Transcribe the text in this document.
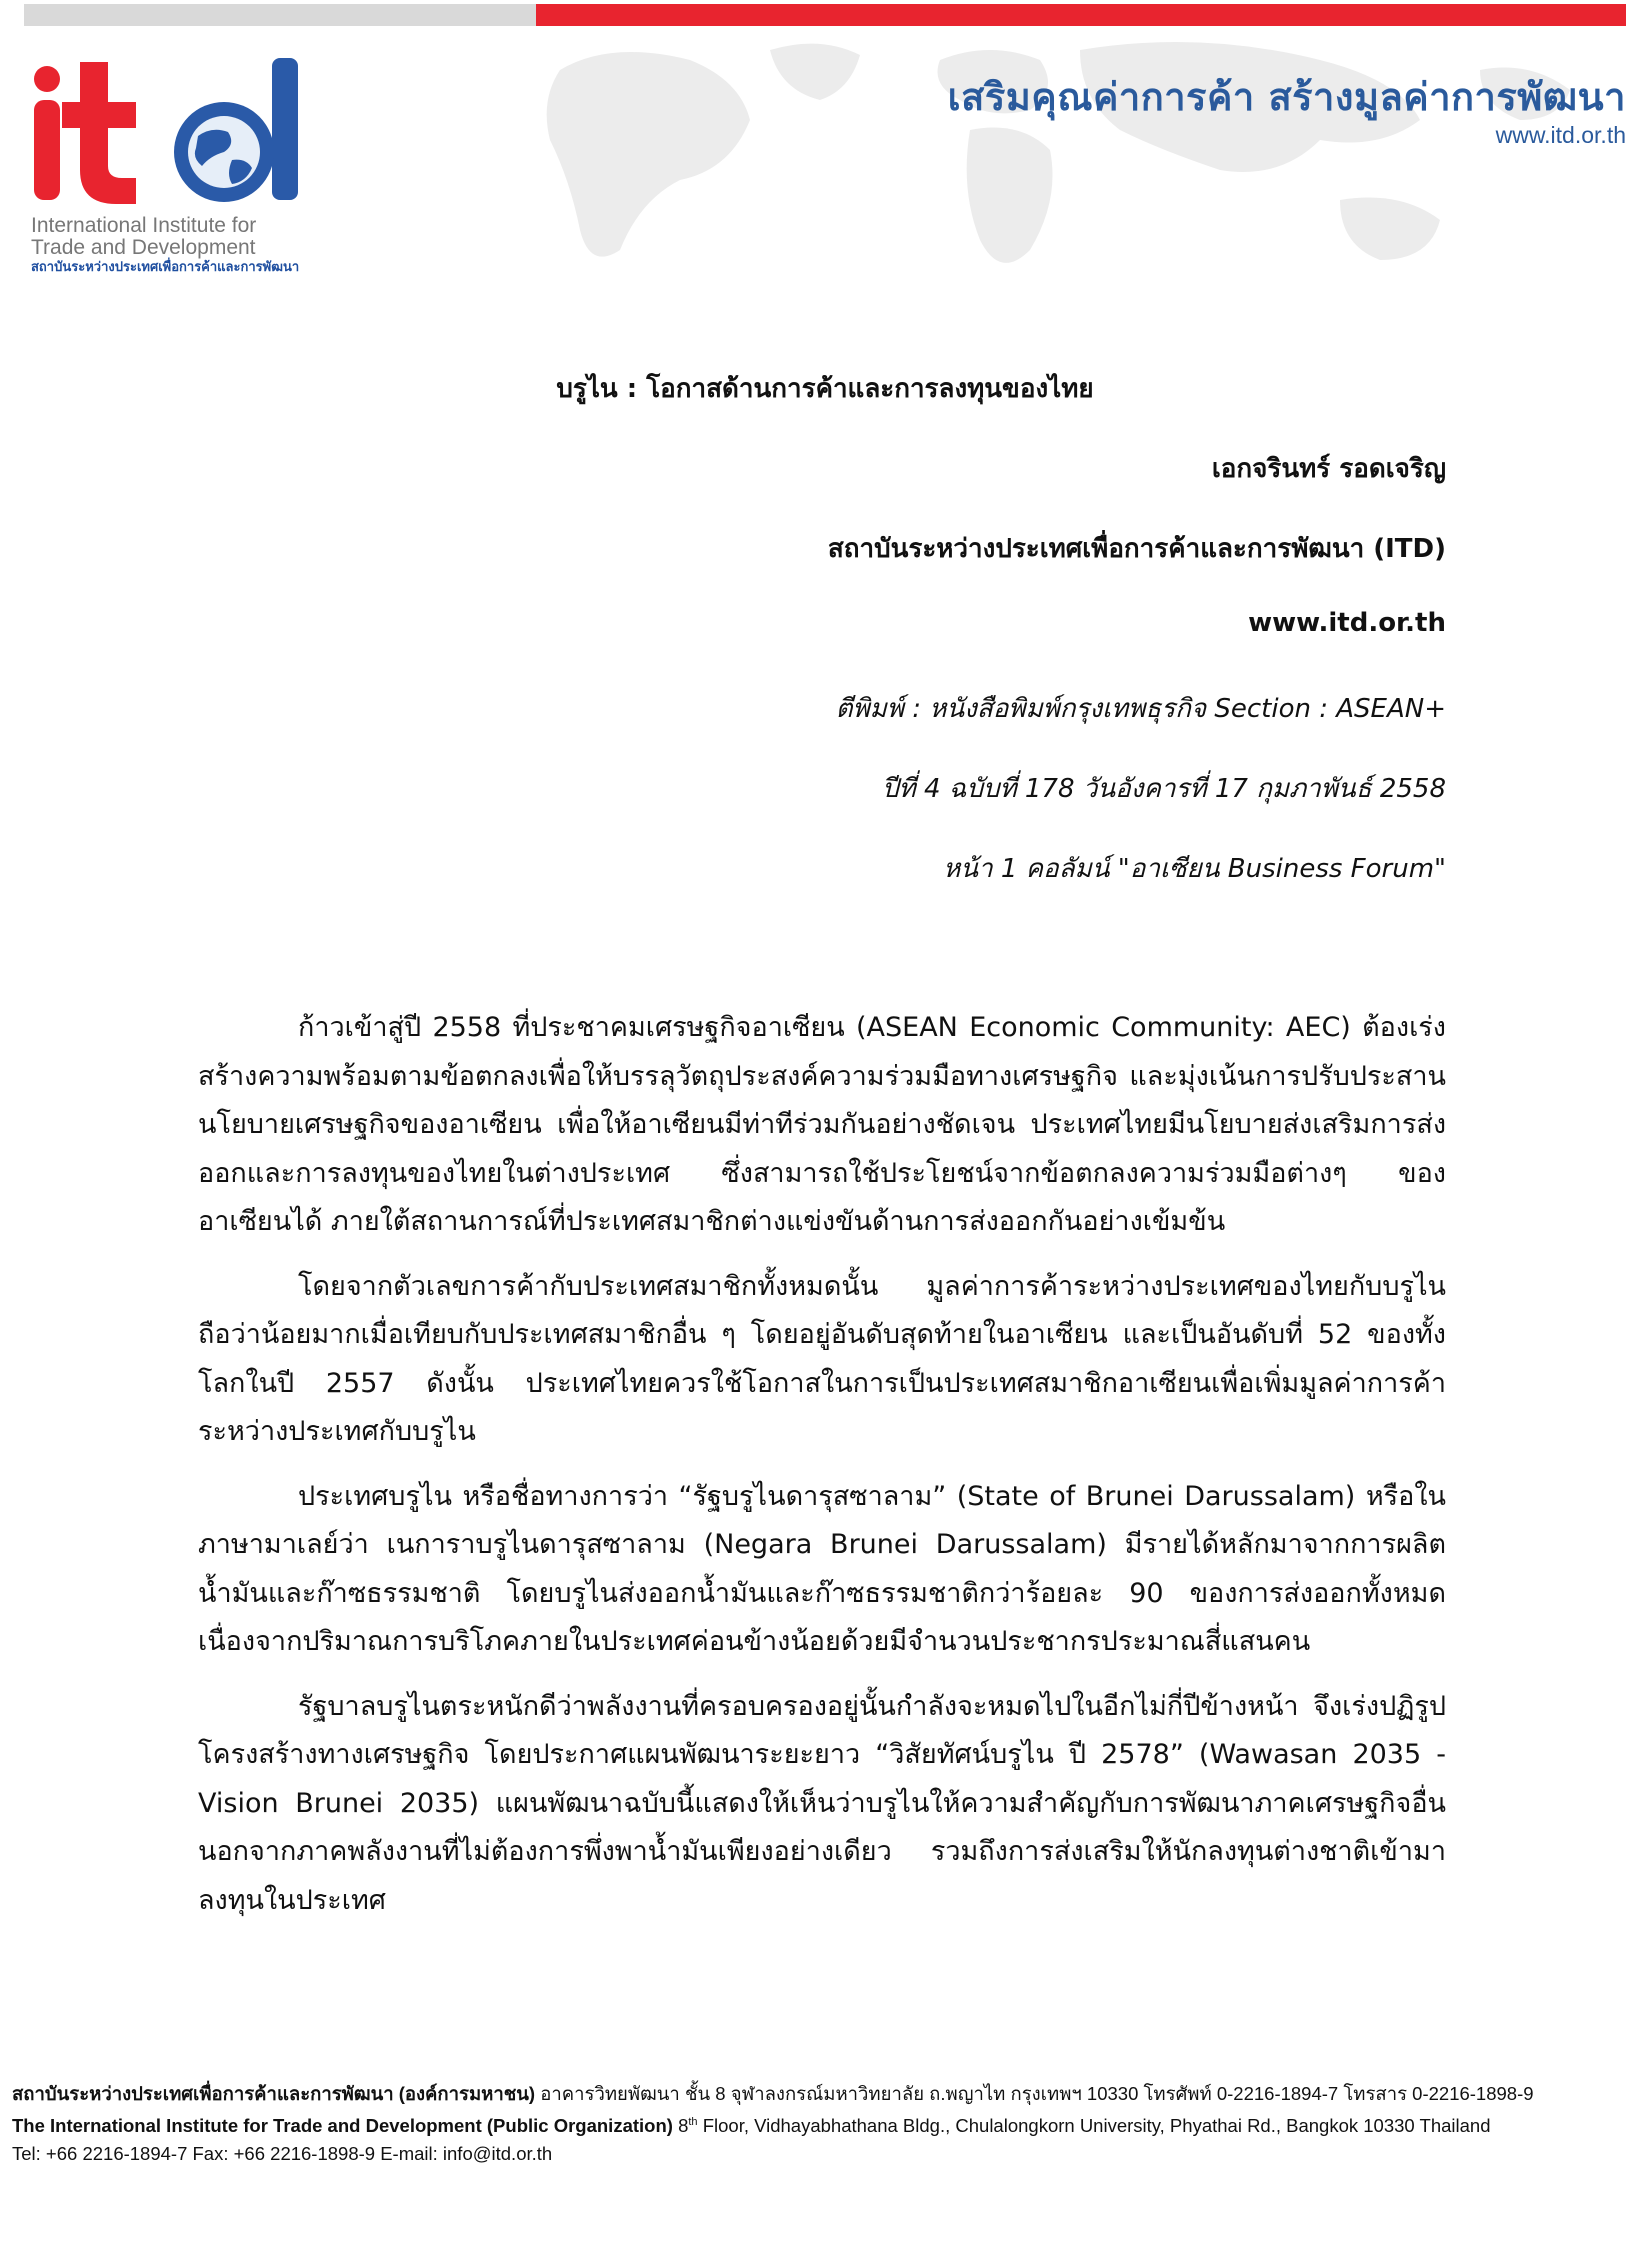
International Institute for
Trade and Development
สถาบันระหว่างประเทศเพื่อการค้าและการพัฒนา
เสริมคุณค่าการค้า สร้างมูลค่าการพัฒนา
www.itd.or.th
บรูไน : โอกาสด้านการค้าและการลงทุนของไทย
เอกจรินทร์ รอดเจริญ
สถาบันระหว่างประเทศเพื่อการค้าและการพัฒนา (ITD)
www.itd.or.th
ตีพิมพ์ : หนังสือพิมพ์กรุงเทพธุรกิจ Section : ASEAN+
ปีที่ 4 ฉบับที่ 178 วันอังคารที่ 17 กุมภาพันธ์ 2558
หน้า 1 คอลัมน์ "อาเซียน Business Forum"

ก้าวเข้าสู่ปี 2558 ที่ประชาคมเศรษฐกิจอาเซียน (ASEAN Economic Community: AEC) ต้องเร่งสร้างความพร้อมตามข้อตกลงเพื่อให้บรรลุวัตถุประสงค์ความร่วมมือทางเศรษฐกิจ และมุ่งเน้นการปรับประสานนโยบายเศรษฐกิจของอาเซียน เพื่อให้อาเซียนมีท่าทีร่วมกันอย่างชัดเจน ประเทศไทยมีนโยบายส่งเสริมการส่งออกและการลงทุนของไทยในต่างประเทศ ซึ่งสามารถใช้ประโยชน์จากข้อตกลงความร่วมมือต่างๆ ของอาเซียนได้ ภายใต้สถานการณ์ที่ประเทศสมาชิกต่างแข่งขันด้านการส่งออกกันอย่างเข้มข้น

โดยจากตัวเลขการค้ากับประเทศสมาชิกทั้งหมดนั้น มูลค่าการค้าระหว่างประเทศของไทยกับบรูไนถือว่าน้อยมากเมื่อเทียบกับประเทศสมาชิกอื่น ๆ โดยอยู่อันดับสุดท้ายในอาเซียน และเป็นอันดับที่ 52 ของทั้งโลกในปี 2557 ดังนั้น ประเทศไทยควรใช้โอกาสในการเป็นประเทศสมาชิกอาเซียนเพื่อเพิ่มมูลค่าการค้าระหว่างประเทศกับบรูไน

ประเทศบรูไน หรือชื่อทางการว่า “รัฐบรูไนดารุสซาลาม” (State of Brunei Darussalam) หรือในภาษามาเลย์ว่า เนการาบรูไนดารุสซาลาม (Negara Brunei Darussalam) มีรายได้หลักมาจากการผลิตน้ำมันและก๊าซธรรมชาติ โดยบรูไนส่งออกน้ำมันและก๊าซธรรมชาติกว่าร้อยละ 90 ของการส่งออกทั้งหมด เนื่องจากปริมาณการบริโภคภายในประเทศค่อนข้างน้อยด้วยมีจำนวนประชากรประมาณสี่แสนคน

รัฐบาลบรูไนตระหนักดีว่าพลังงานที่ครอบครองอยู่นั้นกำลังจะหมดไปในอีกไม่กี่ปีข้างหน้า จึงเร่งปฏิรูปโครงสร้างทางเศรษฐกิจ โดยประกาศแผนพัฒนาระยะยาว “วิสัยทัศน์บรูไน ปี 2578” (Wawasan 2035 - Vision Brunei 2035) แผนพัฒนาฉบับนี้แสดงให้เห็นว่าบรูไนให้ความสำคัญกับการพัฒนาภาคเศรษฐกิจอื่นนอกจากภาคพลังงานที่ไม่ต้องการพึ่งพาน้ำมันเพียงอย่างเดียว รวมถึงการส่งเสริมให้นักลงทุนต่างชาติเข้ามาลงทุนในประเทศ

สถาบันระหว่างประเทศเพื่อการค้าและการพัฒนา (องค์การมหาชน) อาคารวิทยพัฒนา ชั้น 8 จุฬาลงกรณ์มหาวิทยาลัย ถ.พญาไท กรุงเทพฯ 10330 โทรศัพท์ 0-2216-1894-7 โทรสาร 0-2216-1898-9
The International Institute for Trade and Development (Public Organization) 8th Floor, Vidhayabhathana Bldg., Chulalongkorn University, Phyathai Rd., Bangkok 10330 Thailand
Tel: +66 2216-1894-7 Fax: +66 2216-1898-9 E-mail: info@itd.or.th
